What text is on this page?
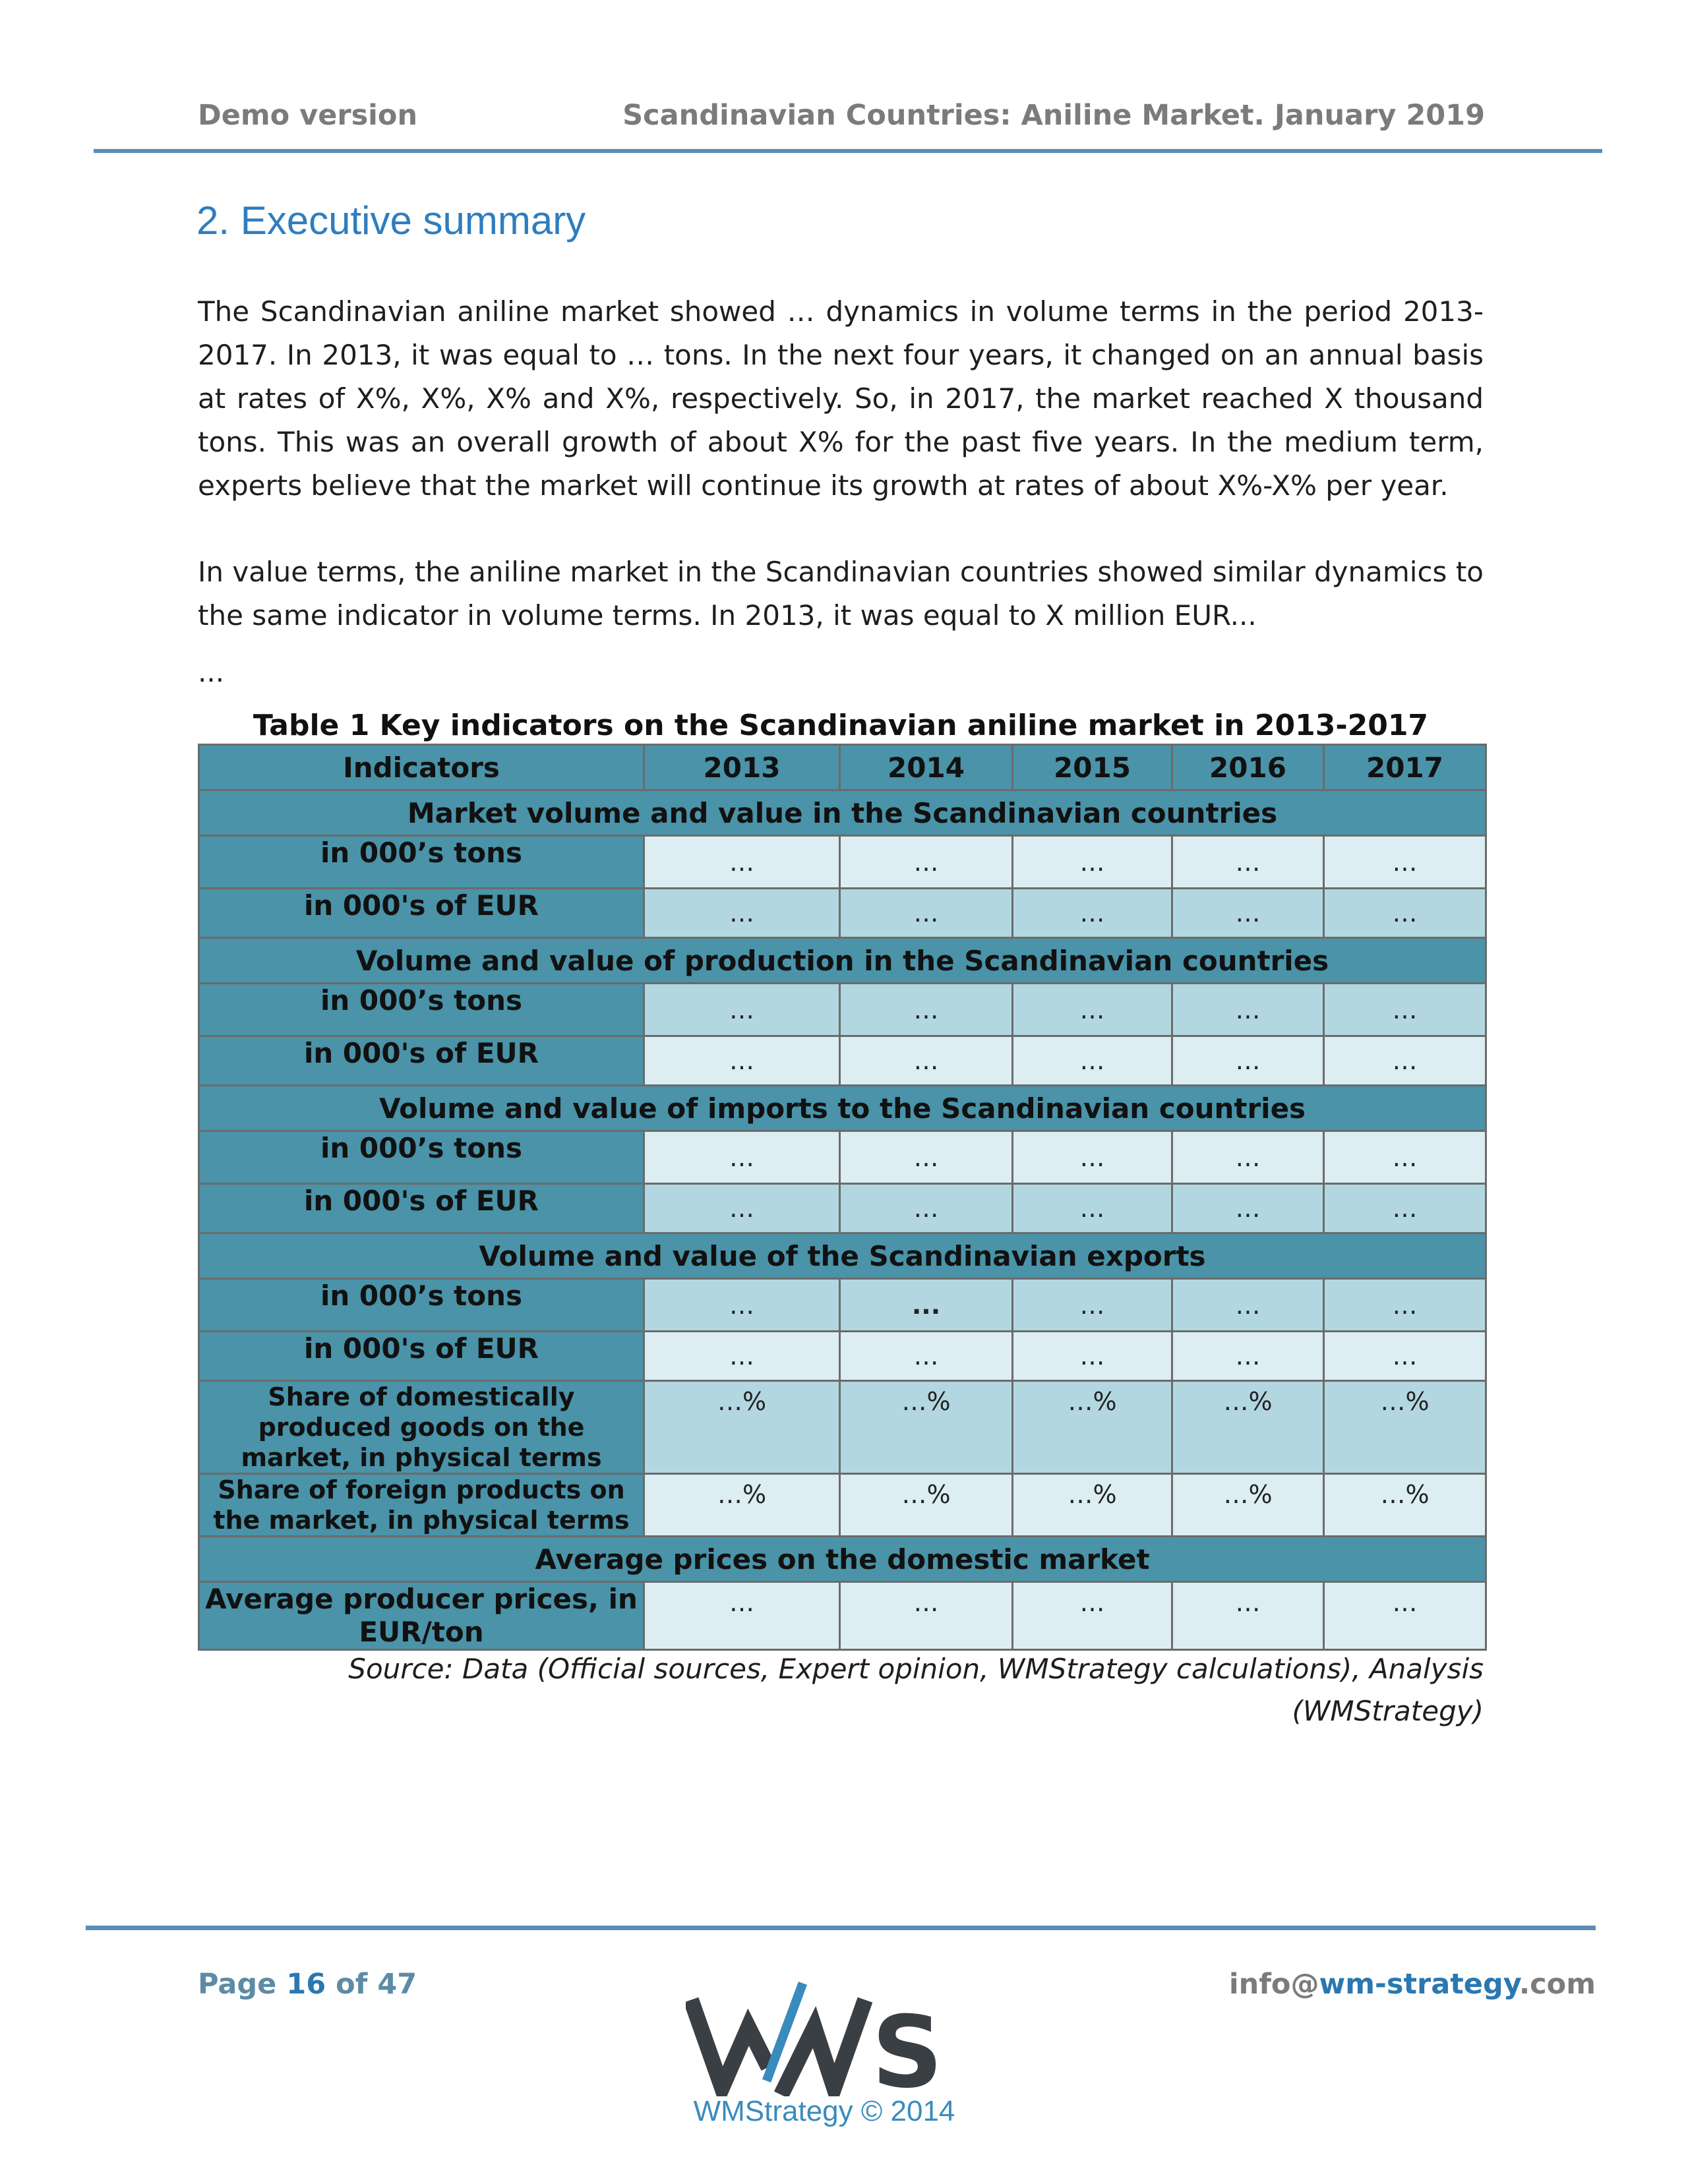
Demo version	Scandinavian Countries: Aniline Market. January 2019
2. Executive summary
The Scandinavian aniline market showed … dynamics in volume terms in the period 2013-2017. In 2013, it was equal to … tons. In the next four years, it changed on an annual basis at rates of X%, X%, X% and X%, respectively. So, in 2017, the market reached X thousand tons. This was an overall growth of about X% for the past five years. In the medium term, experts believe that the market will continue its growth at rates of about X%-X% per year.
In value terms, the aniline market in the Scandinavian countries showed similar dynamics to the same indicator in volume terms. In 2013, it was equal to X million EUR...
...
Table 1 Key indicators on the Scandinavian aniline market in 2013-2017
Indicators	2013	2014	2015	2016	2017
Market volume and value in the Scandinavian countries					
in 000’s tons	…	…	…	…	…
in 000's of EUR	…	…	…	…	…
Volume and value of production in the Scandinavian countries					
in 000’s tons	…	…	…	…	…
in 000's of EUR	…	…	…	…	…
Volume and value of imports to the Scandinavian countries					
in 000’s tons	…	…	…	…	…
in 000's of EUR	…	…	…	…	…
Volume and value of the Scandinavian exports					
in 000’s tons	…	...	…	…	…
in 000's of EUR	…	…	…	…	…
Share of domestically produced goods on the market, in physical terms	…%	…%	…%	…%	…%
Share of foreign products on the market, in physical terms	…%	…%	…%	…%	…%
Average prices on the domestic market					
Average producer prices, in EUR/ton	…	…	…	…	…
Source: Data (Official sources, Expert opinion, WMStrategy calculations), Analysis (WMStrategy)
Page 16 of 47	info@wm-strategy.com
S
WMStrategy © 2014
